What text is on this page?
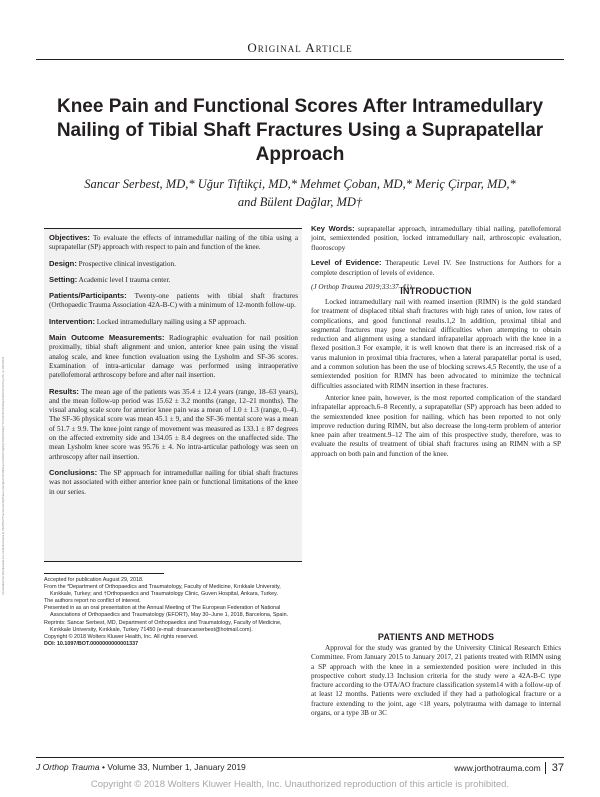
Original Article
Knee Pain and Functional Scores After Intramedullary Nailing of Tibial Shaft Fractures Using a Suprapatellar Approach
Sancar Serbest, MD,* Uğur Tiftikçi, MD,* Mehmet Çoban, MD,* Meriç Çirpar, MD,*
and Bülent Dağlar, MD†
Downloaded from http://journals.lww.com/jorthotrauma by BhDMf5ePHKav1zEoum1tQfN4a+kJLhEZgbsIHo4XMi0hCywCX1AWnYQp/IlQrHD3i3D0OdRyi7TvSFl4Cf3VC4/OAVpDDa8KKGKV0Ymy+78= on 10/15/2024

Objectives: To evaluate the effects of intramedullar nailing of the tibia using a suprapatellar (SP) approach with respect to pain and function of the knee.

Design: Prospective clinical investigation.

Setting: Academic level I trauma center.

Patients/Participants: Twenty-one patients with tibial shaft fractures (Orthopaedic Trauma Association 42A-B-C) with a minimum of 12-month follow-up.

Intervention: Locked intramedullary nailing using a SP approach.

Main Outcome Measurements: Radiographic evaluation for nail position proximally, tibial shaft alignment and union, anterior knee pain using the visual analog scale, and knee function evaluation using the Lysholm and SF-36 scores. Examination of intra-articular damage was performed using intraoperative patellofemoral arthroscopy before and after nail insertion.

Results: The mean age of the patients was 35.4 ± 12.4 years (range, 18–63 years), and the mean follow-up period was 15.62 ± 3.2 months (range, 12–21 months). The visual analog scale score for anterior knee pain was a mean of 1.0 ± 1.3 (range, 0–4). The SF-36 physical score was mean 45.1 ± 9, and the SF-36 mental score was a mean of 51.7 ± 9.9. The knee joint range of movement was measured as 133.1 ± 87 degrees on the affected extremity side and 134.05 ± 8.4 degrees on the unaffected side. The mean Lysholm knee score was 95.76 ± 4. No intra-articular pathology was seen on arthroscopy after nail insertion.

Conclusions: The SP approach for intramedullar nailing for tibial shaft fractures was not associated with either anterior knee pain or functional limitations of the knee in our series.

Key Words: suprapatellar approach, intramedullary tibial nailing, patellofemoral joint, semiextended position, locked intramedullary nail, arthroscopic evaluation, fluoroscopy

Level of Evidence: Therapeutic Level IV. See Instructions for Authors for a complete description of levels of evidence.

(J Orthop Trauma 2019;33:37–41)

INTRODUCTION

Locked intramedullary nail with reamed insertion (RIMN) is the gold standard for treatment of displaced tibial shaft fractures with high rates of union, low rates of complications, and good functional results.1,2 In addition, proximal tibial and segmental fractures may pose technical difficulties when attempting to obtain reduction and alignment using a standard infrapatellar approach with the knee in a flexed position.3 For example, it is well known that there is an increased risk of a varus malunion in proximal tibia fractures, when a lateral parapatellar portal is used, and a common solution has been the use of blocking screws.4,5 Recently, the use of a semiextended position for RIMN has been advocated to minimize the technical difficulties associated with RIMN insertion in these fractures.

Anterior knee pain, however, is the most reported complication of the standard infrapatellar approach.6–8 Recently, a suprapatellar (SP) approach has been added to the semiextended knee position for nailing, which has been reported to not only improve reduction during RIMN, but also decrease the long-term problem of anterior knee pain after treatment.9–12 The aim of this prospective study, therefore, was to evaluate the results of treatment of tibial shaft fractures using an RIMN with a SP approach on both pain and function of the knee.

PATIENTS AND METHODS

Approval for the study was granted by the University Clinical Research Ethics Committee. From January 2015 to January 2017, 21 patients treated with RIMN using a SP approach with the knee in a semiextended position were included in this prospective cohort study.13 Inclusion criteria for the study were a 42A-B-C type fracture according to the OTA/AO fracture classification system14 with a follow-up of at least 12 months. Patients were excluded if they had a pathological fracture or a fracture extending to the joint, age <18 years, polytrauma with damage to internal organs, or a type 3B or 3C

Accepted for publication August 29, 2018.
From the *Department of Orthopaedics and Traumatology, Faculty of Medicine, Kırıkkale University, Kırıkkale, Turkey; and †Orthopaedics and Traumatology Clinic, Guven Hospital, Ankara, Turkey.
The authors report no conflict of interest.
Presented in as an oral presentation at the Annual Meeting of The European Federation of National Associations of Orthopaedics and Traumatology (EFORT), May 30–June 1, 2018, Barcelona, Spain.
Reprints: Sancar Serbest, MD, Department of Orthopaedics and Traumatology, Faculty of Medicine, Kırıkkale University, Kırıkkale, Turkey 71450 (e-mail: drsancarserbest@hotmail.com).
Copyright © 2018 Wolters Kluwer Health, Inc. All rights reserved.
DOI: 10.1097/BOT.0000000000001337
J Orthop Trauma • Volume 33, Number 1, January 2019	www.jorthotrauma.com 37
Copyright © 2018 Wolters Kluwer Health, Inc. Unauthorized reproduction of this article is prohibited.
